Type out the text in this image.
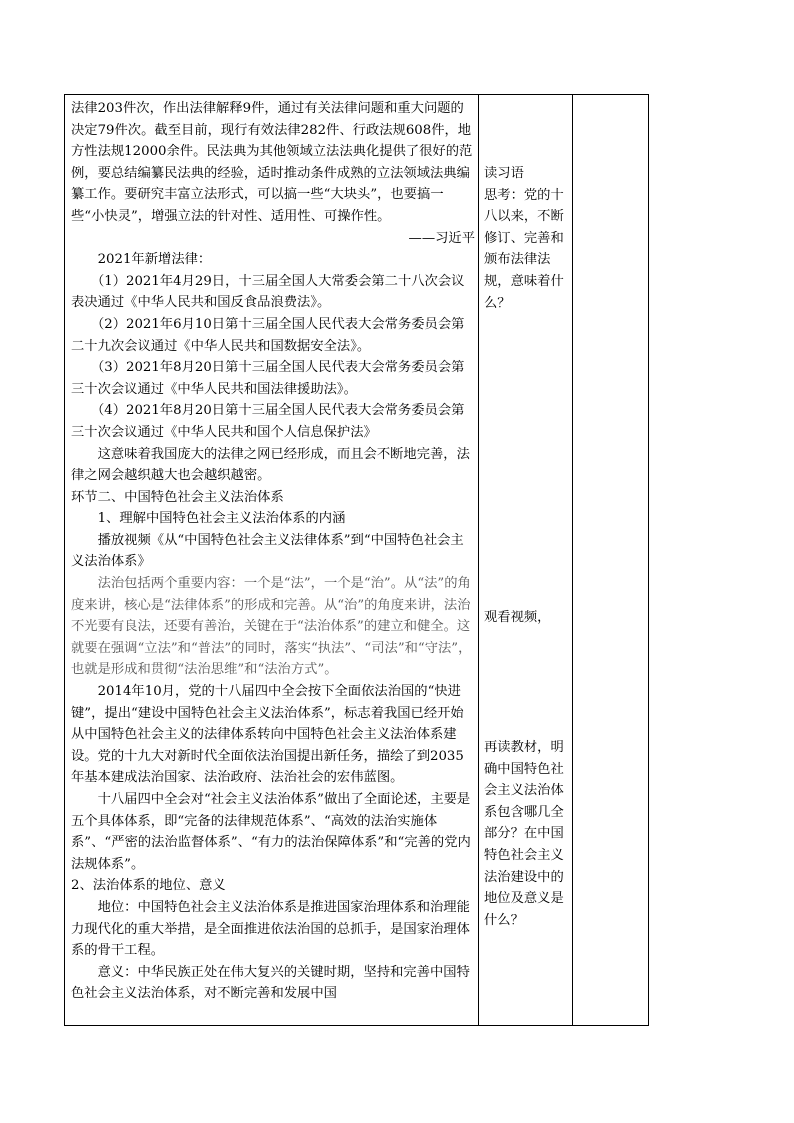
法律203件次，作出法律解释9件，通过有关法律问题和重大问题的决定79件次。截至目前，现行有效法律282件、行政法规608件，地方性法规12000余件。民法典为其他领域立法法典化提供了很好的范例，要总结编纂民法典的经验，适时推动条件成熟的立法领域法典编纂工作。要研究丰富立法形式，可以搞一些“大块头”，也要搞一些“小快灵”，增强立法的针对性、适用性、可操作性。

——习近平

2021年新增法律：

（1）2021年4月29日，十三届全国人大常委会第二十八次会议表决通过《中华人民共和国反食品浪费法》。

（2）2021年6月10日第十三届全国人民代表大会常务委员会第二十九次会议通过《中华人民共和国数据安全法》。

（3）2021年8月20日第十三届全国人民代表大会常务委员会第三十次会议通过《中华人民共和国法律援助法》。

（4）2021年8月20日第十三届全国人民代表大会常务委员会第三十次会议通过《中华人民共和国个人信息保护法》

这意味着我国庞大的法律之网已经形成，而且会不断地完善，法律之网会越织越大也会越织越密。

环节二、中国特色社会主义法治体系

1、理解中国特色社会主义法治体系的内涵

播放视频《从“中国特色社会主义法律体系”到“中国特色社会主义法治体系》

法治包括两个重要内容：一个是“法”，一个是“治”。从“法”的角度来讲，核心是“法律体系”的形成和完善。从“治”的角度来讲，法治不光要有良法，还要有善治，关键在于“法治体系”的建立和健全。这就要在强调“立法”和“普法”的同时，落实“执法”、“司法”和“守法”，也就是形成和贯彻“法治思维”和“法治方式”。

2014年10月，党的十八届四中全会按下全面依法治国的“快进键”，提出“建设中国特色社会主义法治体系”，标志着我国已经开始从中国特色社会主义的法律体系转向中国特色社会主义法治体系建设。党的十九大对新时代全面依法治国提出新任务，描绘了到2035年基本建成法治国家、法治政府、法治社会的宏伟蓝图。

十八届四中全会对“社会主义法治体系”做出了全面论述，主要是五个具体体系，即“完备的法律规范体系”、“高效的法治实施体系”、“严密的法治监督体系”、“有力的法治保障体系”和“完善的党内法规体系”。

2、法治体系的地位、意义

地位：中国特色社会主义法治体系是推进国家治理体系和治理能力现代化的重大举措，是全面推进依法治国的总抓手，是国家治理体系的骨干工程。

意义：中华民族正处在伟大复兴的关键时期，坚持和完善中国特色社会主义法治体系，对不断完善和发展中国

读习语

思考：党的十八以来，不断修订、完善和颁布法律法规，意味着什么？

观看视频，

再读教材，明确中国特色社会主义法治体系包含哪几全部分？在中国特色社会主义法治建设中的地位及意义是什么？
